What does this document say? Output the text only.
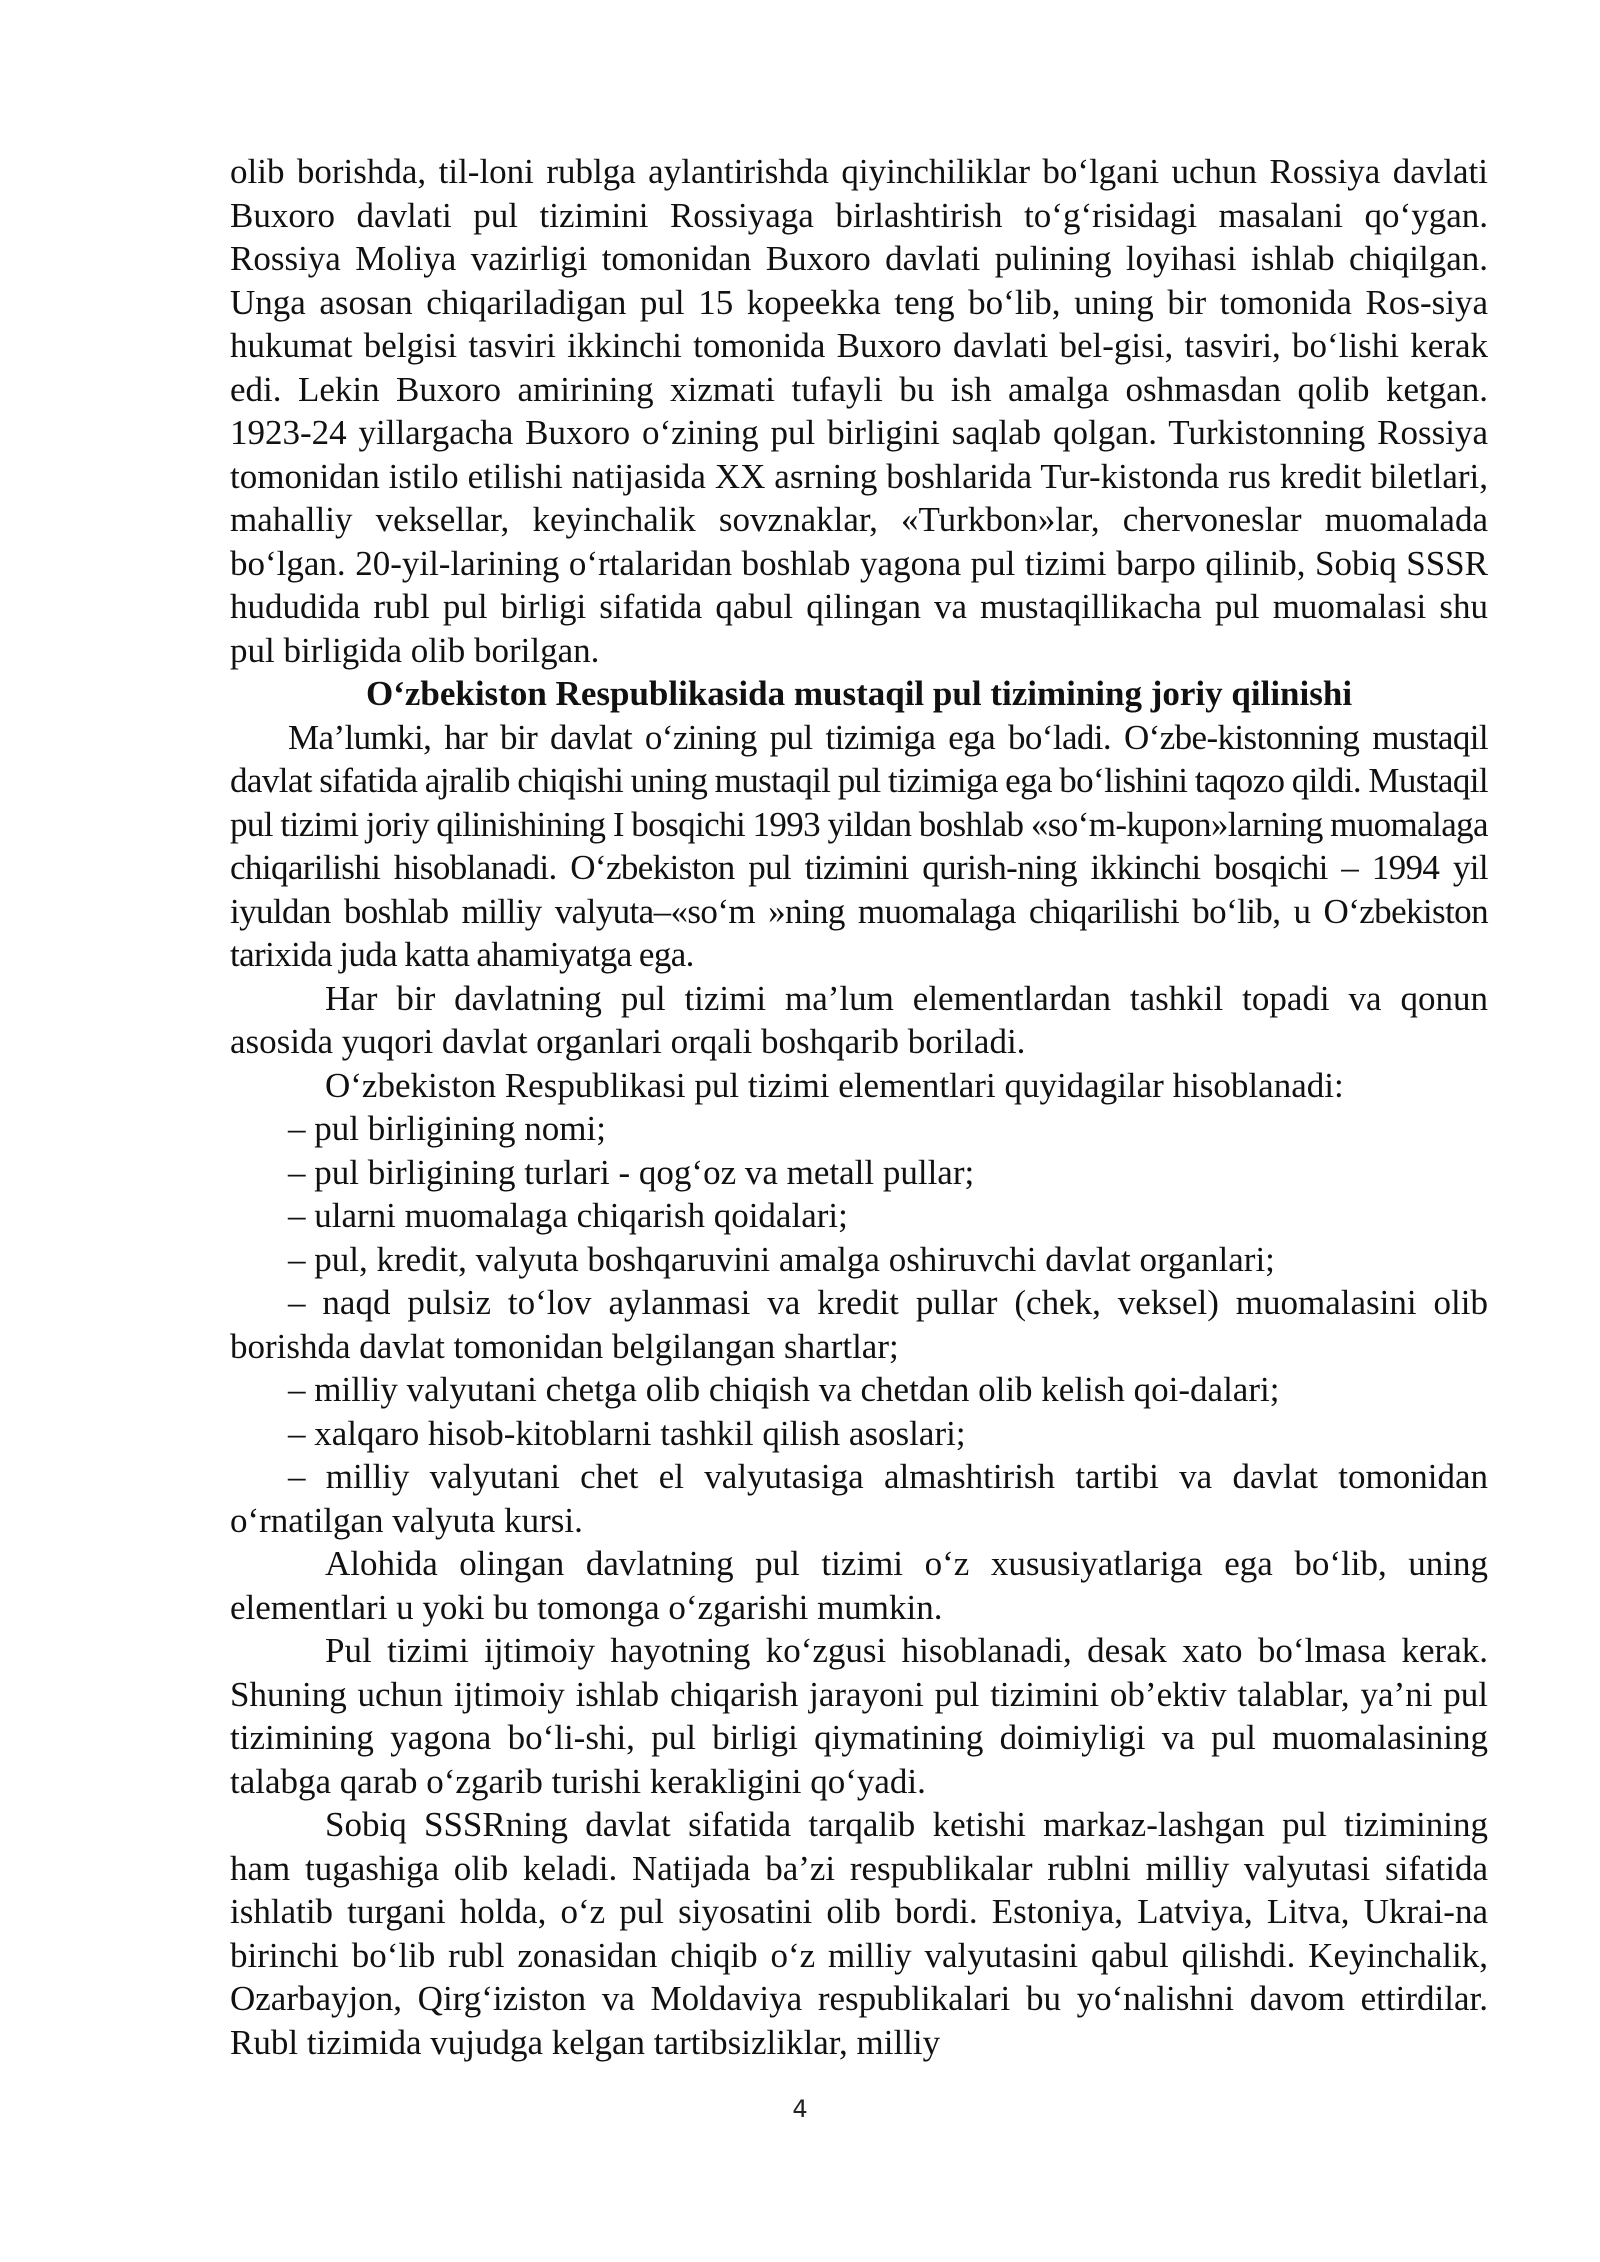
olib borishda, til-loni rublga aylantirishda qiyinchiliklar bo‘lgani uchun Rossiya davlati Buxoro davlati pul tizimini Rossiyaga birlashtirish to‘g‘risidagi masalani qo‘ygan. Rossiya Moliya vazirligi tomonidan Buxoro davlati pulining loyihasi ishlab chiqilgan. Unga asosan chiqariladigan pul 15 kopeekka teng bo‘lib, uning bir tomonida Ros-siya hukumat belgisi tasviri ikkinchi tomonida Buxoro davlati bel-gisi, tasviri, bo‘lishi kerak edi. Lekin Buxoro amirining xizmati tufayli bu ish amalga oshmasdan qolib ketgan. 1923-24 yillargacha Buxoro o‘zining pul birligini saqlab qolgan. Turkistonning Rossiya tomonidan istilo etilishi natijasida XX asrning boshlarida Tur-kistonda rus kredit biletlari, mahalliy veksellar, keyinchalik sovznaklar, «Turkbon»lar, chervoneslar muomalada bo‘lgan. 20-yil-larining o‘rtalaridan boshlab yagona pul tizimi barpo qilinib, Sobiq SSSR hududida rubl pul birligi sifatida qabul qilingan va mustaqillikacha pul muomalasi shu pul birligida olib borilgan.

O‘zbekiston Respublikasida mustaqil pul tizimining joriy qilinishi

Ma’lumki, har bir davlat o‘zining pul tizimiga ega bo‘ladi. O‘zbe-kistonning mustaqil davlat sifatida ajralib chiqishi uning mustaqil pul tizimiga ega bo‘lishini taqozo qildi. Mustaqil pul tizimi joriy qilinishining I bosqichi 1993 yildan boshlab «so‘m-kupon»larning muomalaga chiqarilishi hisoblanadi. O‘zbekiston pul tizimini qurish-ning ikkinchi bosqichi – 1994 yil iyuldan boshlab milliy valyuta–«so‘m »ning muomalaga chiqarilishi bo‘lib, u O‘zbekiston tarixida juda katta ahamiyatga ega.

Har bir davlatning pul tizimi ma’lum elementlardan tashkil topadi va qonun asosida yuqori davlat organlari orqali boshqarib boriladi.

O‘zbekiston Respublikasi pul tizimi elementlari quyidagilar hisoblanadi:

– pul birligining nomi;

– pul birligining turlari - qog‘oz va metall pullar;

– ularni muomalaga chiqarish qoidalari;

– pul, kredit, valyuta boshqaruvini amalga oshiruvchi davlat organlari;

– naqd pulsiz to‘lov aylanmasi va kredit pullar (chek, veksel) muomalasini olib borishda davlat tomonidan belgilangan shartlar;

– milliy valyutani chetga olib chiqish va chetdan olib kelish qoi-dalari;

– xalqaro hisob-kitoblarni tashkil qilish asoslari;

– milliy valyutani chet el valyutasiga almashtirish tartibi va davlat tomonidan o‘rnatilgan valyuta kursi.

Alohida olingan davlatning pul tizimi o‘z xususiyatlariga ega bo‘lib, uning elementlari u yoki bu tomonga o‘zgarishi mumkin.

Pul tizimi ijtimoiy hayotning ko‘zgusi hisoblanadi, desak xato bo‘lmasa kerak. Shuning uchun ijtimoiy ishlab chiqarish jarayoni pul tizimini ob’ektiv talablar, ya’ni pul tizimining yagona bo‘li-shi, pul birligi qiymatining doimiyligi va pul muomalasining talabga qarab o‘zgarib turishi kerakligini qo‘yadi.

Sobiq SSSRning davlat sifatida tarqalib ketishi markaz-lashgan pul tizimining ham tugashiga olib keladi. Natijada ba’zi respublikalar rublni milliy valyutasi sifatida ishlatib turgani holda, o‘z pul siyosatini olib bordi. Estoniya, Latviya, Litva, Ukrai-na birinchi bo‘lib rubl zonasidan chiqib o‘z milliy valyutasini qabul qilishdi. Keyinchalik, Ozarbayjon, Qirg‘iziston va Moldaviya respublikalari bu yo‘nalishni davom ettirdilar. Rubl tizimida vujudga kelgan tartibsizliklar, milliy

4
